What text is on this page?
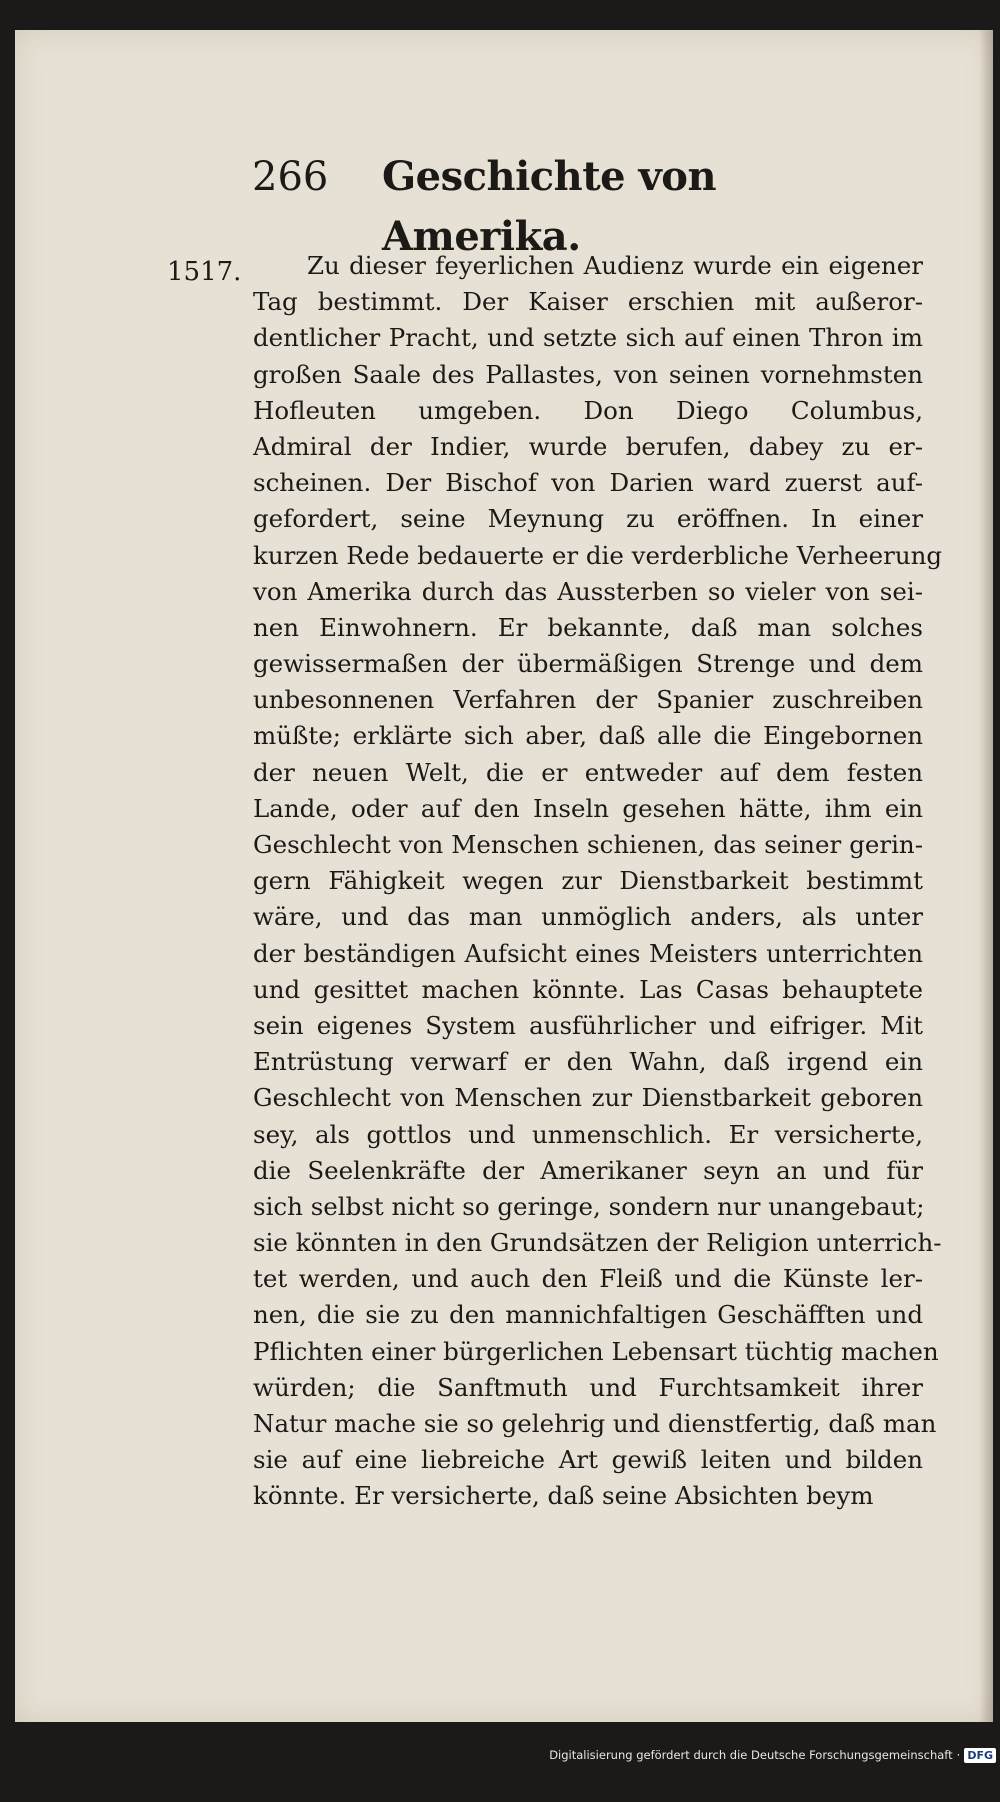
266 Geschichte von Amerika.
1517.	Zu dieser feyerlichen Audienz wurde ein eigener
Tag bestimmt. Der Kaiser erschien mit außeror-
dentlicher Pracht, und setzte sich auf einen Thron im
großen Saale des Pallastes, von seinen vornehmsten
Hofleuten umgeben. Don Diego Columbus,
Admiral der Indier, wurde berufen, dabey zu er-
scheinen. Der Bischof von Darien ward zuerst auf-
gefordert, seine Meynung zu eröffnen. In einer
kurzen Rede bedauerte er die verderbliche Verheerung
von Amerika durch das Aussterben so vieler von sei-
nen Einwohnern. Er bekannte, daß man solches
gewissermaßen der übermäßigen Strenge und dem
unbesonnenen Verfahren der Spanier zuschreiben
müßte; erklärte sich aber, daß alle die Eingebornen
der neuen Welt, die er entweder auf dem festen
Lande, oder auf den Inseln gesehen hätte, ihm ein
Geschlecht von Menschen schienen, das seiner gerin-
gern Fähigkeit wegen zur Dienstbarkeit bestimmt
wäre, und das man unmöglich anders, als unter
der beständigen Aufsicht eines Meisters unterrichten
und gesittet machen könnte. Las Casas behauptete
sein eigenes System ausführlicher und eifriger. Mit
Entrüstung verwarf er den Wahn, daß irgend ein
Geschlecht von Menschen zur Dienstbarkeit geboren
sey, als gottlos und unmenschlich. Er versicherte,
die Seelenkräfte der Amerikaner seyn an und für
sich selbst nicht so geringe, sondern nur unangebaut;
sie könnten in den Grundsätzen der Religion unterrich-
tet werden, und auch den Fleiß und die Künste ler-
nen, die sie zu den mannichfaltigen Geschäfften und
Pflichten einer bürgerlichen Lebensart tüchtig machen
würden; die Sanftmuth und Furchtsamkeit ihrer
Natur mache sie so gelehrig und dienstfertig, daß man
sie auf eine liebreiche Art gewiß leiten und bilden
könnte. Er versicherte, daß seine Absichten beym
Vor-
Digitalisierung gefördert durch die Deutsche Forschungsgemeinschaft · DFG
